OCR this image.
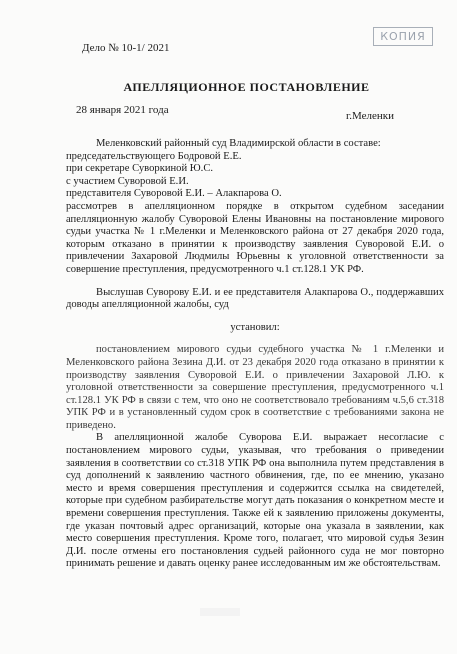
КОПИЯ
Дело № 10-1/ 2021
АПЕЛЛЯЦИОННОЕ ПОСТАНОВЛЕНИЕ
28 января 2021 года	г.Меленки

Меленковский районный суд Владимирской области в составе:

председательствующего Бодровой Е.Е.

при секретаре Суворкиной Ю.С.

с участием Суворовой Е.И.

представителя Суворовой Е.И. – Алакпарова О.

рассмотрев в апелляционном порядке в открытом судебном заседании апелляционную жалобу Суворовой Елены Ивановны на постановление мирового судьи участка № 1 г.Меленки и Меленковского района от 27 декабря 2020 года, которым отказано в принятии к производству заявления Суворовой Е.И. о привлечении Захаровой Людмилы Юрьевны к уголовной ответственности за совершение преступления, предусмотренного ч.1 ст.128.1 УК РФ.

Выслушав Суворову Е.И. и ее представителя Алакпарова О., поддержавших доводы апелляционной жалобы, суд

установил:

постановлением мирового судьи судебного участка № 1 г.Меленки и Меленковского района Зезина Д.И. от 23 декабря 2020 года отказано в принятии к производству заявления Суворовой Е.И. о привлечении Захаровой Л.Ю. к уголовной ответственности за совершение преступления, предусмотренного ч.1 ст.128.1 УК РФ в связи с тем, что оно не соответствовало требованиям ч.5,6 ст.318 УПК РФ и в установленный судом срок в соответствие с требованиями закона не приведено.

В апелляционной жалобе Суворова Е.И. выражает несогласие с постановлением мирового судьи, указывая, что требования о приведении заявления в соответствии со ст.318 УПК РФ она выполнила путем представления в суд дополнений к заявлению частного обвинения, где, по ее мнению, указано место и время совершения преступления и содержится ссылка на свидетелей, которые при судебном разбирательстве могут дать показания о конкретном месте и времени совершения преступления. Также ей к заявлению приложены документы, где указан почтовый адрес организаций, которые она указала в заявлении, как место совершения преступления. Кроме того, полагает, что мировой судья Зезин Д.И. после отмены его постановления судьей районного суда не мог повторно принимать решение и давать оценку ранее исследованным им же обстоятельствам.
